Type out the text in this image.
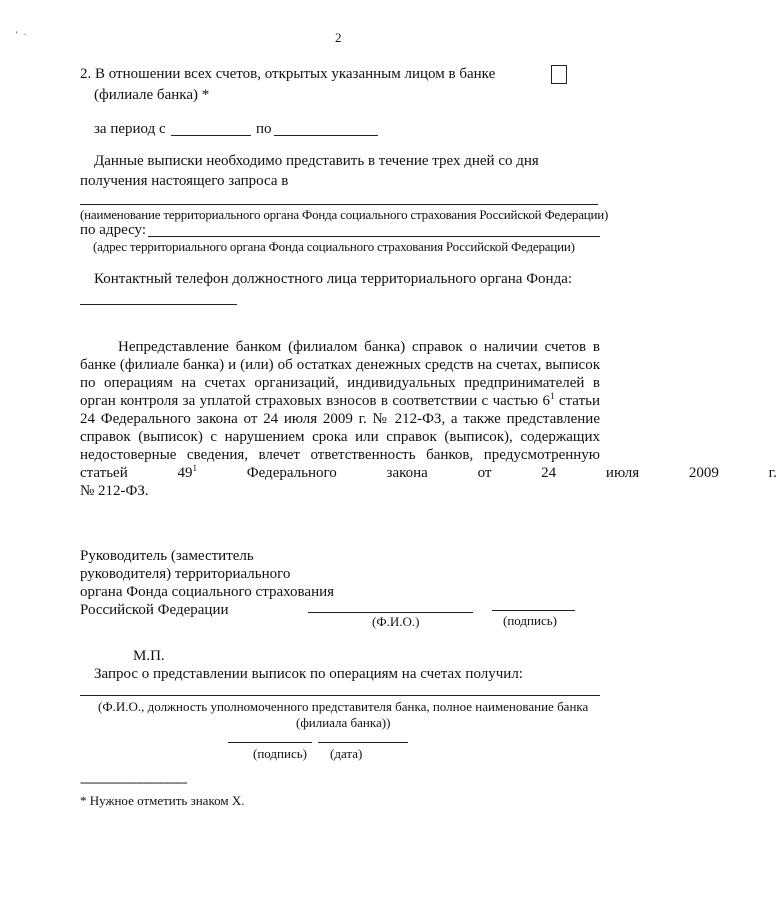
‘  ·	2
2. В отношении всех счетов, открытых указанным лицом в банке
(филиале банка) *
за период с	по
Данные выписки необходимо представить в течение трех дней со дня
получения настоящего запроса в
(наименование территориального органа Фонда социального страхования Российской Федерации)
по адресу:
(адрес территориального органа Фонда социального страхования Российской Федерации)
Контактный телефон должностного лица территориального органа Фонда:
Непредставление банком (филиалом банка) справок о наличии счетов в
банке (филиале банка) и (или) об остатках денежных средств на счетах, выписок
по операциям на счетах организаций, индивидуальных предпринимателей в
орган контроля за уплатой страховых взносов в соответствии с частью $6^1$ статьи
24 Федерального закона от 24 июля 2009 г. № 212-ФЗ, а также представление
справок (выписок) с нарушением срока или справок (выписок), содержащих
недостоверные сведения, влечет ответственность банков, предусмотренную
статьей $49^1$ Федерального закона от 24 июля 2009 г.
№ 212-ФЗ.
Руководитель (заместитель
руководителя) территориального
органа Фонда социального страхования
Российской Федерации
(Ф.И.О.)	(подпись)
М.П.
Запрос о представлении выписок по операциям на счетах получил:
(Ф.И.О., должность уполномоченного представителя банка, полное наименование банка
(филиала банка))
(подпись) (дата)
--------------------------------
* Нужное отметить знаком Х.
